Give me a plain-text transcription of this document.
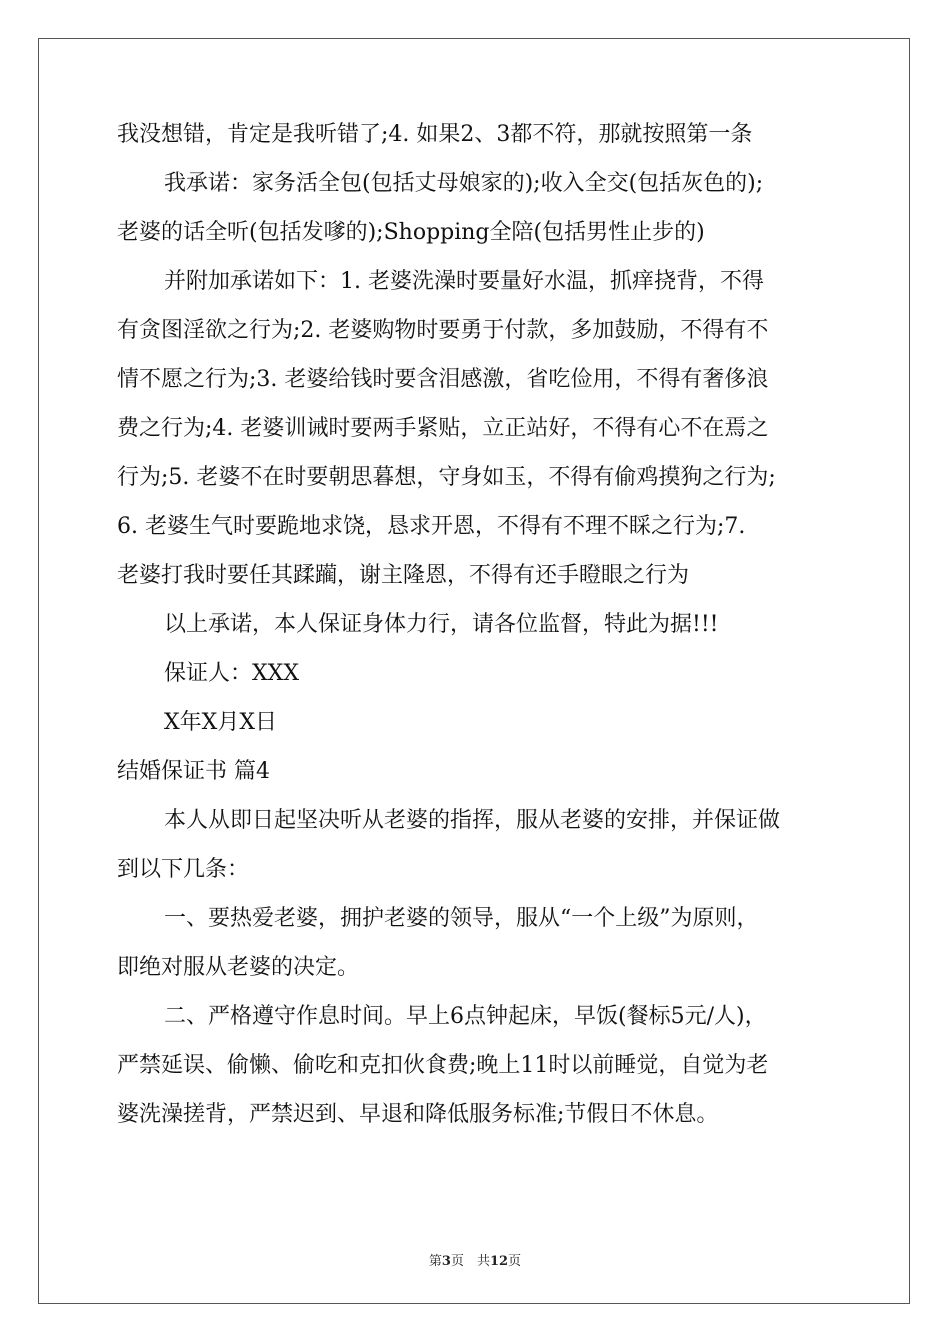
我没想错，肯定是我听错了;4. 如果2、3都不符，那就按照第一条
我承诺：家务活全包(包括丈母娘家的);收入全交(包括灰色的);
老婆的话全听(包括发嗲的);Shopping全陪(包括男性止步的)
并附加承诺如下：1. 老婆洗澡时要量好水温，抓痒挠背，不得
有贪图淫欲之行为;2. 老婆购物时要勇于付款，多加鼓励，不得有不
情不愿之行为;3. 老婆给钱时要含泪感激，省吃俭用，不得有奢侈浪
费之行为;4. 老婆训诫时要两手紧贴，立正站好，不得有心不在焉之
行为;5. 老婆不在时要朝思暮想，守身如玉，不得有偷鸡摸狗之行为;
6. 老婆生气时要跪地求饶，恳求开恩，不得有不理不睬之行为;7.
老婆打我时要任其蹂躏，谢主隆恩，不得有还手瞪眼之行为
以上承诺，本人保证身体力行，请各位监督，特此为据!!!
保证人：XXX
X年X月X日
结婚保证书 篇4
本人从即日起坚决听从老婆的指挥，服从老婆的安排，并保证做
到以下几条：
一、要热爱老婆，拥护老婆的领导，服从“一个上级”为原则，
即绝对服从老婆的决定。
二、严格遵守作息时间。早上6点钟起床，早饭(餐标5元/人)，
严禁延误、偷懒、偷吃和克扣伙食费;晚上11时以前睡觉，自觉为老
婆洗澡搓背，严禁迟到、早退和降低服务标准;节假日不休息。
第3页　共12页
